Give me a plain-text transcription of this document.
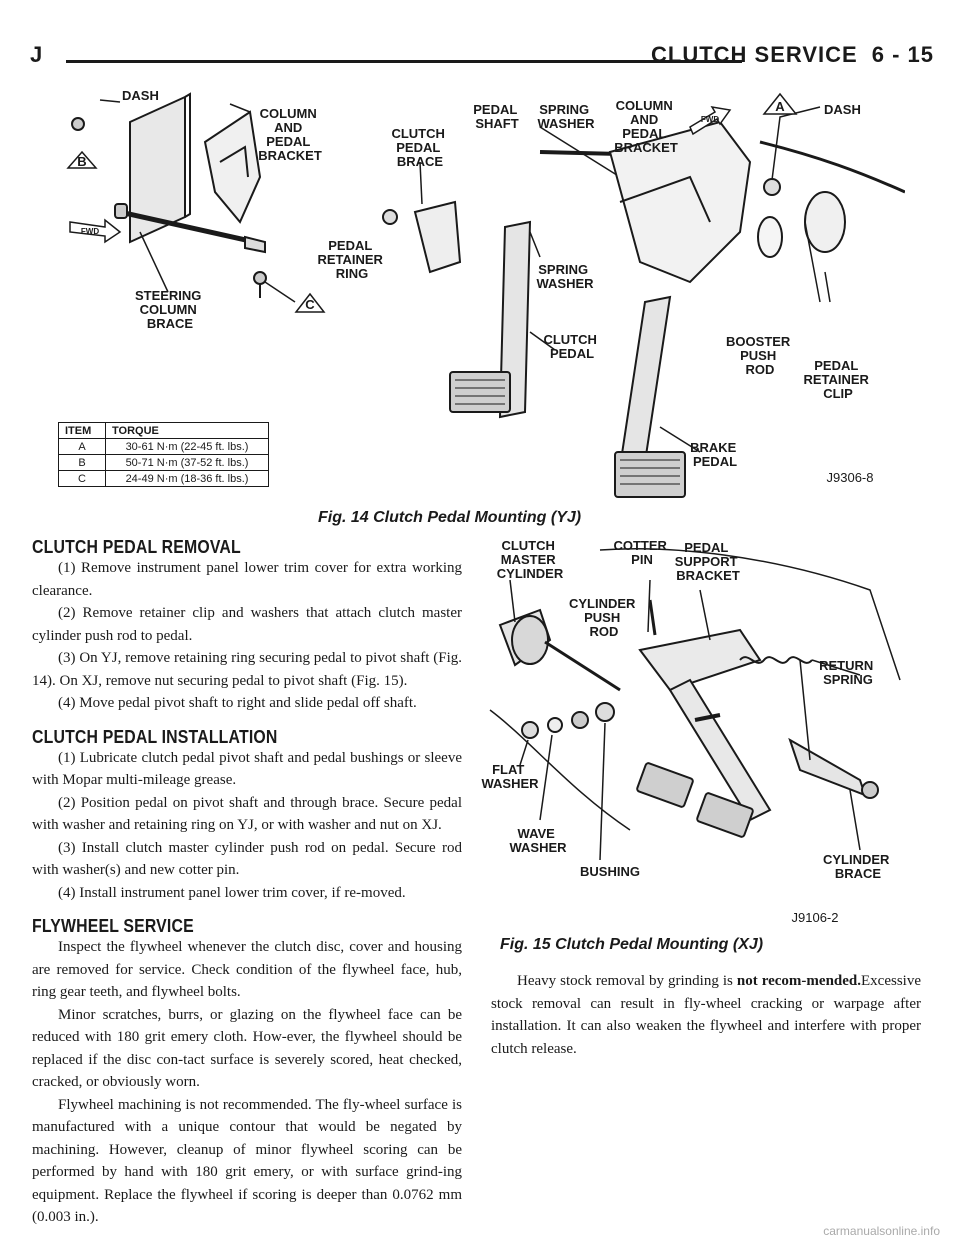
J	CLUTCH SERVICE 6 - 15
DASH
COLUMN AND PEDAL BRACKET
STEERING COLUMN BRACE
CLUTCH PEDAL BRACE
PEDAL RETAINER RING
PEDAL SHAFT
SPRING WASHER
COLUMN AND PEDAL BRACKET
DASH
SPRING WASHER
CLUTCH PEDAL
BOOSTER PUSH ROD	PEDAL RETAINER CLIP
BRAKE PEDAL
A
B
C
FWD
FWD
J9306-8
ITEM	TORQUE
A	30-61 N·m (22-45 ft. lbs.)
B	50-71 N·m (37-52 ft. lbs.)
C	24-49 N·m (18-36 ft. lbs.)
Fig. 14 Clutch Pedal Mounting (YJ)
CLUTCH MASTER CYLINDER
COTTER PIN
PEDAL SUPPORT BRACKET
CYLINDER PUSH ROD
RETURN SPRING
FLAT WASHER
WAVE WASHER
BUSHING
CYLINDER BRACE
J9106-2
Fig. 15 Clutch Pedal Mounting (XJ)

CLUTCH PEDAL REMOVAL

(1) Remove instrument panel lower trim cover for extra working clearance.

(2) Remove retainer clip and washers that attach clutch master cylinder push rod to pedal.

(3) On YJ, remove retaining ring securing pedal to pivot shaft (Fig. 14). On XJ, remove nut securing pedal to pivot shaft (Fig. 15).

(4) Move pedal pivot shaft to right and slide pedal off shaft.

CLUTCH PEDAL INSTALLATION

(1) Lubricate clutch pedal pivot shaft and pedal bushings or sleeve with Mopar multi-mileage grease.

(2) Position pedal on pivot shaft and through brace. Secure pedal with washer and retaining ring on YJ, or with washer and nut on XJ.

(3) Install clutch master cylinder push rod on pedal. Secure rod with washer(s) and new cotter pin.

(4) Install instrument panel lower trim cover, if re-moved.

FLYWHEEL SERVICE

Inspect the flywheel whenever the clutch disc, cover and housing are removed for service. Check condition of the flywheel face, hub, ring gear teeth, and flywheel bolts.

Minor scratches, burrs, or glazing on the flywheel face can be reduced with 180 grit emery cloth. How-ever, the flywheel should be replaced if the disc con-tact surface is severely scored, heat checked, cracked, or obviously worn.

Flywheel machining is not recommended. The fly-wheel surface is manufactured with a unique contour that would be negated by machining. However, cleanup of minor flywheel scoring can be performed by hand with 180 grit emery, or with surface grind-ing equipment. Replace the flywheel if scoring is deeper than 0.0762 mm (0.003 in.).

Heavy stock removal by grinding is not recom-mended.Excessive stock removal can result in fly-wheel cracking or warpage after installation. It can also weaken the flywheel and interfere with proper clutch release.

carmanualsonline.info
